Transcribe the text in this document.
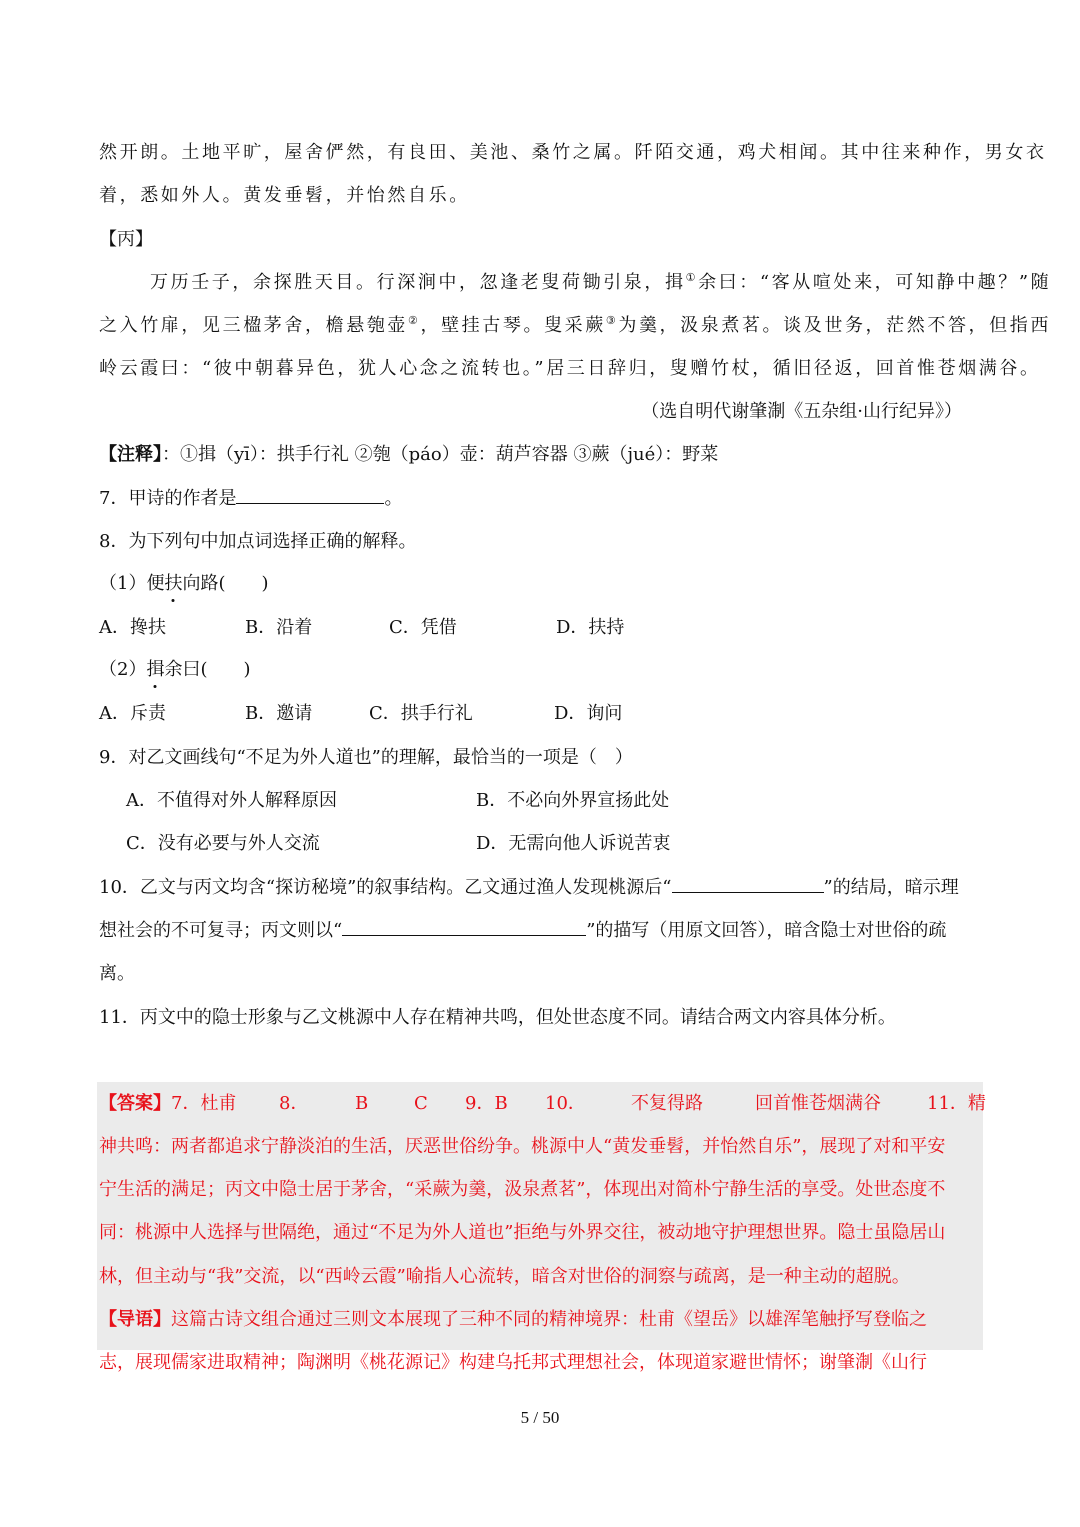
然开朗。土地平旷，屋舍俨然，有良田、美池、桑竹之属。阡陌交通，鸡犬相闻。其中往来种作，男女衣
着，悉如外人。黄发垂髫，并怡然自乐。
【丙】
万历壬子，余探胜天目。行深涧中，忽逢老叟荷锄引泉，揖①余曰：“客从喧处来，可知静中趣？”随
之入竹扉，见三楹茅舍，檐悬匏壶②，壁挂古琴。叟采蕨③为羹，汲泉煮茗。谈及世务，茫然不答，但指西
岭云霞曰：“彼中朝暮异色，犹人心念之流转也。”居三日辞归，叟赠竹杖，循旧径返，回首惟苍烟满谷。
（选自明代谢肇淛《五杂组·山行纪异》）
【注释】：①揖（yī）：拱手行礼 ②匏（páo）壶：葫芦容器 ③蕨（jué）：野菜
7．甲诗的作者是	。
8．为下列句中加点词选择正确的解释。
（1）便扶向路(　　)
A．搀扶	B．沿着	C．凭借	D．扶持
（2）揖余曰(　　)
A．斥责	B．邀请	C．拱手行礼	D．询问
9．对乙文画线句“不足为外人道也”的理解，最恰当的一项是（　）
A．不值得对外人解释原因	B．不必向外界宣扬此处
C．没有必要与外人交流	D．无需向他人诉说苦衷
10．乙文与丙文均含“探访秘境”的叙事结构。乙文通过渔人发现桃源后“	”的结局，暗示理
想社会的不可复寻；丙文则以“	”的描写（用原文回答），暗含隐士对世俗的疏
离。
11．丙文中的隐士形象与乙文桃源中人存在精神共鸣，但处世态度不同。请结合两文内容具体分析。
【答案】7．杜甫 8．	B	C 9．B 10．	不复得路	回首惟苍烟满谷	11．精
神共鸣：两者都追求宁静淡泊的生活，厌恶世俗纷争。桃源中人“黄发垂髫，并怡然自乐”，展现了对和平安
宁生活的满足；丙文中隐士居于茅舍，“采蕨为羹，汲泉煮茗”，体现出对简朴宁静生活的享受。处世态度不
同：桃源中人选择与世隔绝，通过“不足为外人道也”拒绝与外界交往，被动地守护理想世界。隐士虽隐居山
林，但主动与“我”交流，以“西岭云霞”喻指人心流转，暗含对世俗的洞察与疏离，是一种主动的超脱。
【导语】这篇古诗文组合通过三则文本展现了三种不同的精神境界：杜甫《望岳》以雄浑笔触抒写登临之
志，展现儒家进取精神；陶渊明《桃花源记》构建乌托邦式理想社会，体现道家避世情怀；谢肇淛《山行
5 / 50
